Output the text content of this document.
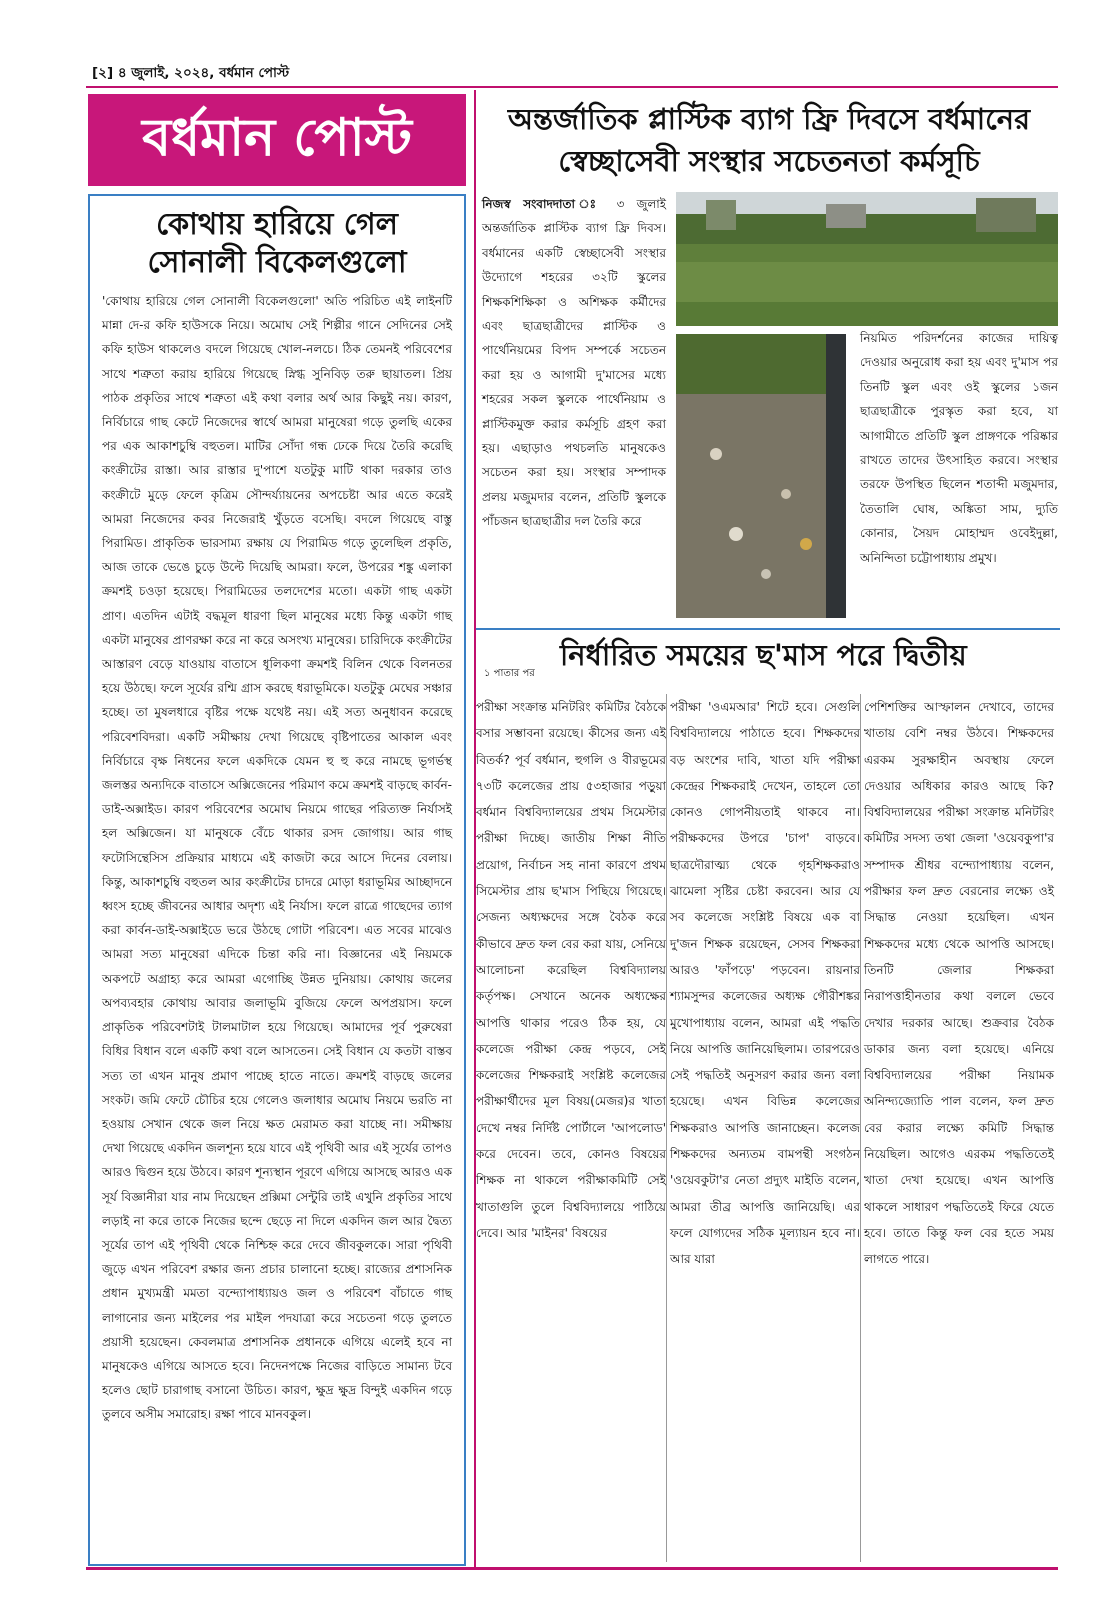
[২] ৪ জুলাই, ২০২৪, বর্ধমান পোস্ট
বর্ধমান পোস্ট
কোথায় হারিয়ে গেল সোনালী বিকেলগুলো
'কোথায় হারিয়ে গেল সোনালী বিকেলগুলো' অতি পরিচিত এই লাইনটি মান্না দে-র কফি হাউসকে নিয়ে। অমোঘ সেই শিল্পীর গানে সেদিনের সেই কফি হাউস থাকলেও বদলে গিয়েছে খোল-নলচে। ঠিক তেমনই পরিবেশের সাথে শত্রুতা করায় হারিয়ে গিয়েছে স্নিগ্ধ সুনিবিড় তরু ছায়াতল। প্রিয় পাঠক প্রকৃতির সাথে শত্রুতা এই কথা বলার অর্থ আর কিছুই নয়। কারণ, নির্বিচারে গাছ কেটে নিজেদের স্বার্থে আমরা মানুষেরা গড়ে তুলছি একের পর এক আকাশচুম্বি বহুতল। মাটির সোঁদা গন্ধ ঢেকে দিয়ে তৈরি করেছি কংক্রীটের রাস্তা। আর রাস্তার দু'পাশে যতটুকু মাটি থাকা দরকার তাও কংক্রীটে মুড়ে ফেলে কৃত্রিম সৌন্দর্য্যায়নের অপচেষ্টা আর এতে করেই আমরা নিজেদের কবর নিজেরাই খুঁড়তে বসেছি। বদলে গিয়েছে বাস্তু পিরামিড। প্রাকৃতিক ভারসাম্য রক্ষায় যে পিরামিড গড়ে তুলেছিল প্রকৃতি, আজ তাকে ভেঙে চুড়ে উল্টে দিয়েছি আমরা। ফলে, উপরের শঙ্কু এলাকা ক্রমশই চওড়া হয়েছে। পিরামিডের তলদেশের মতো। একটা গাছ একটা প্রাণ। এতদিন এটাই বদ্ধমূল ধারণা ছিল মানুষের মধ্যে কিন্তু একটা গাছ একটা মানুষের প্রাণরক্ষা করে না করে অসংখ্য মানুষের। চারিদিকে কংক্রীটের আস্তারণ বেড়ে যাওয়ায় বাতাসে ধূলিকণা ক্রমশই বিলিন থেকে বিলনতর হয়ে উঠছে। ফলে সূর্যের রশ্মি গ্রাস করছে ধরাভূমিকে। যতটুকু মেঘের সঞ্চার হচ্ছে। তা মুষলধারে বৃষ্টির পক্ষে যথেষ্ট নয়। এই সত্য অনুধাবন করেছে পরিবেশবিদরা। একটি সমীক্ষায় দেখা গিয়েছে বৃষ্টিপাতের আকাল এবং নির্বিচারে বৃক্ষ নিধনের ফলে একদিকে যেমন হু হু করে নামছে ভূগর্ভস্থ জলস্তর অন্যদিকে বাতাসে অক্সিজেনের পরিমাণ কমে ক্রমশই বাড়ছে কার্বন-ডাই-অক্সাইড। কারণ পরিবেশের অমোঘ নিয়মে গাছের পরিত্যক্ত নির্যাসই হল অক্সিজেন। যা মানুষকে বেঁচে থাকার রসদ জোগায়। আর গাছ ফটোসিন্থেসিস প্রক্রিয়ার মাধ্যমে এই কাজটা করে আসে দিনের বেলায়। কিন্তু, আকাশচুম্বি বহুতল আর কংক্রীটের চাদরে মোড়া ধরাভূমির আচ্ছাদনে ধ্বংস হচ্ছে জীবনের আধার অদৃশ্য এই নির্যাস। ফলে রাত্রে গাছেদের ত্যাগ করা কার্বন-ডাই-অক্সাইডে ভরে উঠছে গোটা পরিবেশ। এত সবের মাঝেও আমরা সত্য মানুষেরা এদিকে চিন্তা করি না। বিজ্ঞানের এই নিয়মকে অকপটে অগ্রাহ্য করে আমরা এগোচ্ছি উন্নত দুনিয়ায়। কোথায় জলের অপব্যবহার কোথায় আবার জলাভূমি বুজিয়ে ফেলে অপপ্রয়াস। ফলে প্রাকৃতিক পরিবেশটাই টালমাটাল হয়ে গিয়েছে। আমাদের পূর্ব পুরুষেরা বিধির বিধান বলে একটি কথা বলে আসতেন। সেই বিধান যে কতটা বাস্তব সত্য তা এখন মানুষ প্রমাণ পাচ্ছে হাতে নাতে। ক্রমশই বাড়ছে জলের সংকট। জমি ফেটে চৌচির হয়ে গেলেও জলাধার অমোঘ নিয়মে ভরতি না হওয়ায় সেখান থেকে জল নিয়ে ক্ষত মেরামত করা যাচ্ছে না। সমীক্ষায় দেখা গিয়েছে একদিন জলশূন্য হয়ে যাবে এই পৃথিবী আর এই সূর্যের তাপও আরও দ্বিগুন হয়ে উঠবে। কারণ শূন্যস্থান পূরণে এগিয়ে আসছে আরও এক সূর্য বিজ্ঞানীরা যার নাম দিয়েছেন প্রক্সিমা সেন্টুরি তাই এখুনি প্রকৃতির সাথে লড়াই না করে তাকে নিজের ছন্দে ছেড়ে না দিলে একদিন জল আর দ্বৈত্য সূর্যের তাপ এই পৃথিবী থেকে নিশ্চিহ্ন করে দেবে জীবকুলকে। সারা পৃথিবী জুড়ে এখন পরিবেশ রক্ষার জন্য প্রচার চালানো হচ্ছে। রাজ্যের প্রশাসনিক প্রধান মুখ্যমন্ত্রী মমতা বন্দ্যোপাধ্যায়ও জল ও পরিবেশ বাঁচাতে গাছ লাগানোর জন্য মাইলের পর মাইল পদযাত্রা করে সচেতনা গড়ে তুলতে প্রয়াসী হয়েছেন। কেবলমাত্র প্রশাসনিক প্রধানকে এগিয়ে এলেই হবে না মানুষকেও এগিয়ে আসতে হবে। নিদেনপক্ষে নিজের বাড়িতে সামান্য টবে হলেও ছোট চারাগাছ বসানো উচিত। কারণ, ক্ষুদ্র ক্ষুদ্র বিন্দুই একদিন গড়ে তুলবে অসীম সমারোহ। রক্ষা পাবে মানবকুল।
অন্তর্জাতিক প্লাস্টিক ব্যাগ ফ্রি দিবসে বর্ধমানের
স্বেচ্ছাসেবী সংস্থার সচেতনতা কর্মসূচি
নিজস্ব সংবাদদাতা ঃ ৩ জুলাই অন্তর্জাতিক প্লাস্টিক ব্যাগ ফ্রি দিবস। বর্ধমানের একটি স্বেচ্ছাসেবী সংস্থার উদ্যোগে শহরের ৩২টি স্কুলের শিক্ষকশিক্ষিকা ও অশিক্ষক কর্মীদের এবং ছাত্রছাত্রীদের প্লাস্টিক ও পার্থেনিয়মের বিপদ সম্পর্কে সচেতন করা হয় ও আগামী দু'মাসের মধ্যে শহরের সকল স্কুলকে পার্থেনিয়াম ও প্লাস্টিকমুক্ত করার কর্মসূচি গ্রহণ করা হয়। এছাড়াও পথচলতি মানুষকেও সচেতন করা হয়। সংস্থার সম্পাদক প্রলয় মজুমদার বলেন, প্রতিটি স্কুলকে পাঁচজন ছাত্রছাত্রীর দল তৈরি করে
নিয়মিত পরিদর্শনের কাজের দায়িত্ব দেওয়ার অনুরোধ করা হয় এবং দু'মাস পর তিনটি স্কুল এবং ওই স্কুলের ১জন ছাত্রছাত্রীকে পুরস্কৃত করা হবে, যা আগামীতে প্রতিটি স্কুল প্রাঙ্গণকে পরিষ্কার রাখতে তাদের উৎসাহিত করবে। সংস্থার তরফে উপস্থিত ছিলেন শতাব্দী মজুমদার, তৈতালি ঘোষ, অঙ্কিতা সাম, দ্যুতি কোনার, সৈয়দ মোহাম্মদ ওবেইদুল্লা, অনিন্দিতা চট্টোপাধ্যায় প্রমুখ।
১ পাতার পর
নির্ধারিত সময়ের ছ'মাস পরে দ্বিতীয়
পরীক্ষা সংক্রান্ত মনিটরিং কমিটির বৈঠকে বসার সম্ভাবনা রয়েছে। কীসের জন্য এই বিতর্ক? পূর্ব বর্ধমান, হুগলি ও বীরভূমের ৭৩টি কলেজের প্রায় ৫৩হাজার পড়ুয়া বর্ধমান বিশ্ববিদ্যালয়ের প্রথম সিমেস্টার পরীক্ষা দিচ্ছে। জাতীয় শিক্ষা নীতি প্রয়োগ, নির্বাচন সহ নানা কারণে প্রথম সিমেস্টার প্রায় ছ'মাস পিছিয়ে গিয়েছে। সেজন্য অধ্যক্ষদের সঙ্গে বৈঠক করে কীভাবে দ্রুত ফল বের করা যায়, সেনিয়ে আলোচনা করেছিল বিশ্ববিদ্যালয় কর্তৃপক্ষ। সেখানে অনেক অধ্যক্ষের আপত্তি থাকার পরেও ঠিক হয়, যে কলেজে পরীক্ষা কেন্দ্র পড়বে, সেই কলেজের শিক্ষকরাই সংশ্লিষ্ট কলেজের পরীক্ষার্থীদের মূল বিষয়(মেজর)র খাতা দেখে নম্বর নির্দিষ্ট পোর্টালে 'আপলোড' করে দেবেন। তবে, কোনও বিষয়ের শিক্ষক না থাকলে পরীক্ষাকমিটি সেই খাতাগুলি তুলে বিশ্ববিদ্যালয়ে পাঠিয়ে দেবে। আর 'মাইনর' বিষয়ের
পরীক্ষা 'ওএমআর' শিটে হবে। সেগুলি বিশ্ববিদ্যালয়ে পাঠাতে হবে। শিক্ষকদের বড় অংশের দাবি, খাতা যদি পরীক্ষা কেন্দ্রের শিক্ষকরাই দেখেন, তাহলে তো কোনও গোপনীয়তাই থাকবে না। পরীক্ষকদের উপরে 'চাপ' বাড়বে। ছাত্রদৌরাত্ম্য থেকে গৃহশিক্ষকরাও ঝামেলা সৃষ্টির চেষ্টা করবেন। আর যে সব কলেজে সংশ্লিষ্ট বিষয়ে এক বা দু'জন শিক্ষক রয়েছেন, সেসব শিক্ষকরা আরও 'ফাঁপড়ে' পড়বেন। রায়নার শ্যামসুন্দর কলেজের অধ্যক্ষ গৌরীশঙ্কর মুখোপাধ্যায় বলেন, আমরা এই পদ্ধতি নিয়ে আপত্তি জানিয়েছিলাম। তারপরেও সেই পদ্ধতিই অনুসরণ করার জন্য বলা হয়েছে। এখন বিভিন্ন কলেজের শিক্ষকরাও আপত্তি জানাচ্ছেন। কলেজ শিক্ষকদের অন্যতম বামপন্থী সংগঠন 'ওয়েবকুটা'র নেতা প্রদ্যুৎ মাইতি বলেন, আমরা তীব্র আপত্তি জানিয়েছি। এর ফলে যোগ্যদের সঠিক মূল্যায়ন হবে না। আর যারা
পেশিশক্তির আস্ফালন দেখাবে, তাদের খাতায় বেশি নম্বর উঠবে। শিক্ষকদের এরকম সুরক্ষাহীন অবস্থায় ফেলে দেওয়ার অধিকার কারও আছে কি? বিশ্ববিদ্যালয়ের পরীক্ষা সংক্রান্ত মনিটরিং কমিটির সদস্য তথা জেলা 'ওয়েবকুপা'র সম্পাদক শ্রীধর বন্দ্যোপাধ্যায় বলেন, পরীক্ষার ফল দ্রুত বেরনোর লক্ষ্যে ওই সিদ্ধান্ত নেওয়া হয়েছিল। এখন শিক্ষকদের মধ্যে থেকে আপত্তি আসছে। তিনটি জেলার শিক্ষকরা নিরাপত্তাহীনতার কথা বললে ভেবে দেখার দরকার আছে। শুক্রবার বৈঠক ডাকার জন্য বলা হয়েছে। এনিয়ে বিশ্ববিদ্যালয়ের পরীক্ষা নিয়ামক অনিন্দ্যজ্যোতি পাল বলেন, ফল দ্রুত বের করার লক্ষ্যে কমিটি সিদ্ধান্ত নিয়েছিল। আগেও এরকম পদ্ধতিতেই খাতা দেখা হয়েছে। এখন আপত্তি থাকলে সাধারণ পদ্ধতিতেই ফিরে যেতে হবে। তাতে কিন্তু ফল বের হতে সময় লাগতে পারে।
